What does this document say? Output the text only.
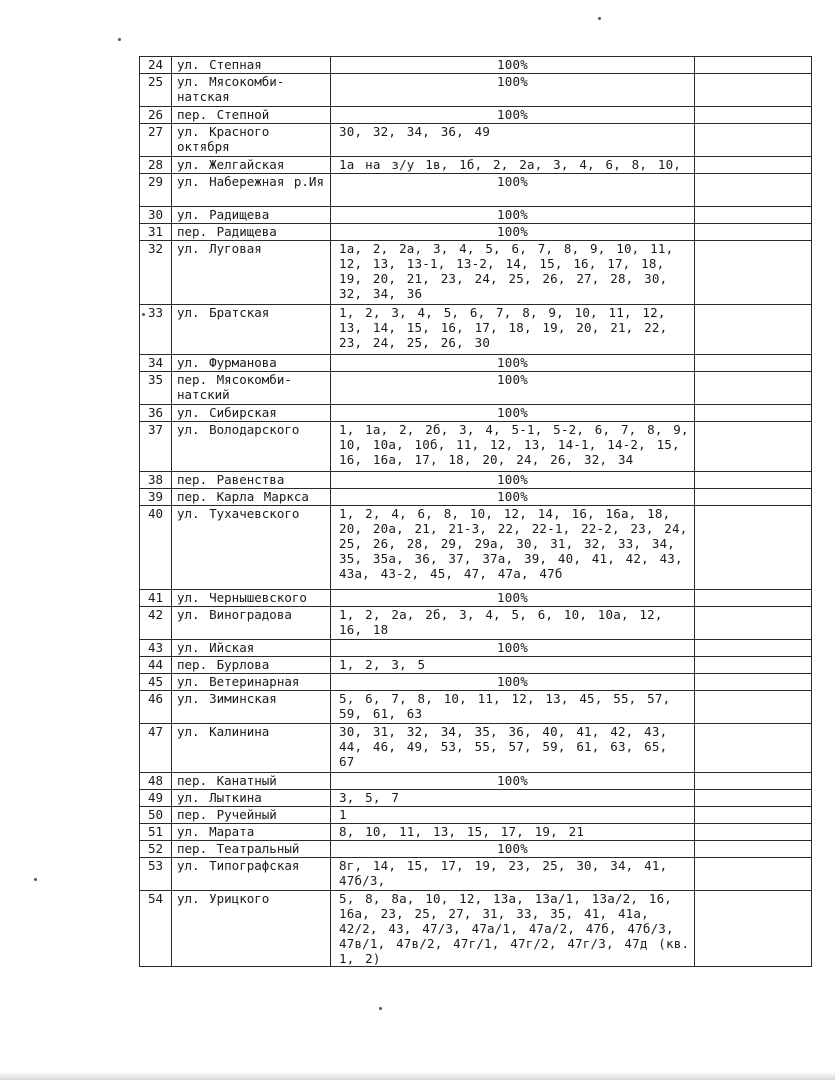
24	ул. Степная	100%	
25	ул. Мясокомби-натская	100%	
26	пер. Степной	100%	
27	ул. Красного октября	30, 32, 34, 36, 49	
28	ул. Желгайская	1а на з/у 1в, 1б, 2, 2а, 3, 4, 6, 8, 10,	
29	ул. Набережная р.Ия	100%	
30	ул. Радищева	100%	
31	пер. Радищева	100%	
32	ул. Луговая	1а, 2, 2а, 3, 4, 5, 6, 7, 8, 9, 10, 11, 12, 13, 13-1, 13-2, 14, 15, 16, 17, 18, 19, 20, 21, 23, 24, 25, 26, 27, 28, 30, 32, 34, 36	
33	ул. Братская	1, 2, 3, 4, 5, 6, 7, 8, 9, 10, 11, 12, 13, 14, 15, 16, 17, 18, 19, 20, 21, 22, 23, 24, 25, 26, 30	
34	ул. Фурманова	100%	
35	пер. Мясокомби-натский	100%	
36	ул. Сибирская	100%	
37	ул. Володарского	1, 1а, 2, 2б, 3, 4, 5-1, 5-2, 6, 7, 8, 9, 10, 10а, 10б, 11, 12, 13, 14-1, 14-2, 15, 16, 16а, 17, 18, 20, 24, 26, 32, 34	
38	пер. Равенства	100%	
39	пер. Карла Маркса	100%	
40	ул. Тухачевского	1, 2, 4, 6, 8, 10, 12, 14, 16, 16а, 18, 20, 20а, 21, 21-3, 22, 22-1, 22-2, 23, 24, 25, 26, 28, 29, 29а, 30, 31, 32, 33, 34, 35, 35а, 36, 37, 37а, 39, 40, 41, 42, 43, 43а, 43-2, 45, 47, 47а, 47б	
41	ул. Чернышевского	100%	
42	ул. Виноградова	1, 2, 2а, 2б, 3, 4, 5, 6, 10, 10а, 12, 16, 18	
43	ул. Ийская	100%	
44	пер. Бурлова	1, 2, 3, 5	
45	ул. Ветеринарная	100%	
46	ул. Зиминская	5, 6, 7, 8, 10, 11, 12, 13, 45, 55, 57, 59, 61, 63	
47	ул. Калинина	30, 31, 32, 34, 35, 36, 40, 41, 42, 43, 44, 46, 49, 53, 55, 57, 59, 61, 63, 65, 67	
48	пер. Канатный	100%	
49	ул. Лыткина	3, 5, 7	
50	пер. Ручейный	1	
51	ул. Марата	8, 10, 11, 13, 15, 17, 19, 21	
52	пер. Театральный	100%	
53	ул. Типографская	8г, 14, 15, 17, 19, 23, 25, 30, 34, 41, 47б/3,	
54	ул. Урицкого	5, 8, 8а, 10, 12, 13а, 13а/1, 13а/2, 16, 16а, 23, 25, 27, 31, 33, 35, 41, 41а, 42/2, 43, 47/3, 47а/1, 47а/2, 47б, 47б/3, 47в/1, 47в/2, 47г/1, 47г/2, 47г/3, 47д (кв. 1, 2)	
